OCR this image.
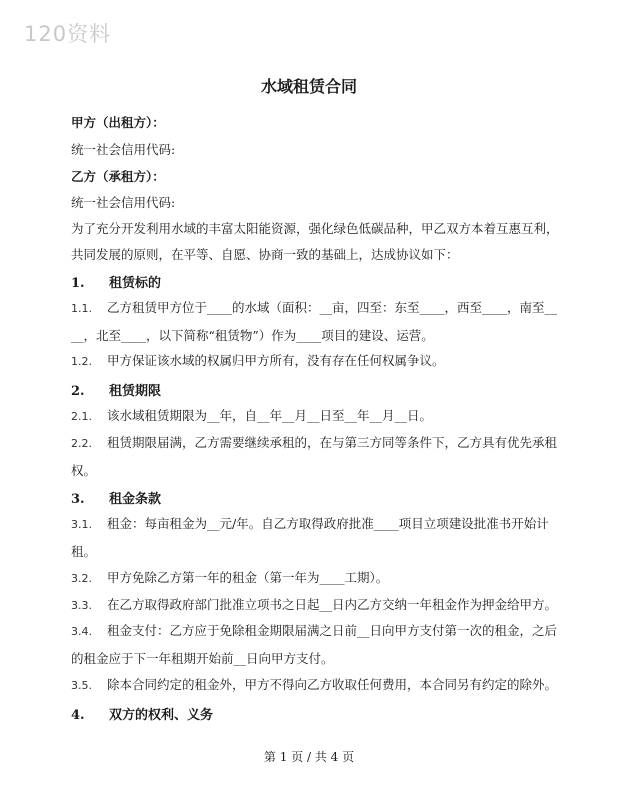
120资料
水域租赁合同
甲方（出租方）：
统一社会信用代码:
乙方（承租方）：
统一社会信用代码:
为了充分开发利用水域的丰富太阳能资源，强化绿色低碳品种，甲乙双方本着互惠互利，
共同发展的原则，在平等、自愿、协商一致的基础上，达成协议如下：
1. 租赁标的
1.1. 乙方租赁甲方位于____的水域（面积：__亩，四至：东至____，西至____，南至__
__，北至____，以下简称“租赁物”）作为____项目的建设、运营。
1.2. 甲方保证该水域的权属归甲方所有，没有存在任何权属争议。
2. 租赁期限
2.1. 该水域租赁期限为__年，自__年__月__日至__年__月__日。
2.2. 租赁期限届满，乙方需要继续承租的，在与第三方同等条件下，乙方具有优先承租
权。
3. 租金条款
3.1. 租金：每亩租金为__元/年。自乙方取得政府批准____项目立项建设批准书开始计
租。
3.2. 甲方免除乙方第一年的租金（第一年为____工期）。
3.3. 在乙方取得政府部门批准立项书之日起__日内乙方交纳一年租金作为押金给甲方。
3.4. 租金支付：乙方应于免除租金期限届满之日前__日向甲方支付第一次的租金，之后
的租金应于下一年租期开始前__日向甲方支付。
3.5. 除本合同约定的租金外，甲方不得向乙方收取任何费用，本合同另有约定的除外。
4. 双方的权利、义务
第 1 页 / 共 4 页
